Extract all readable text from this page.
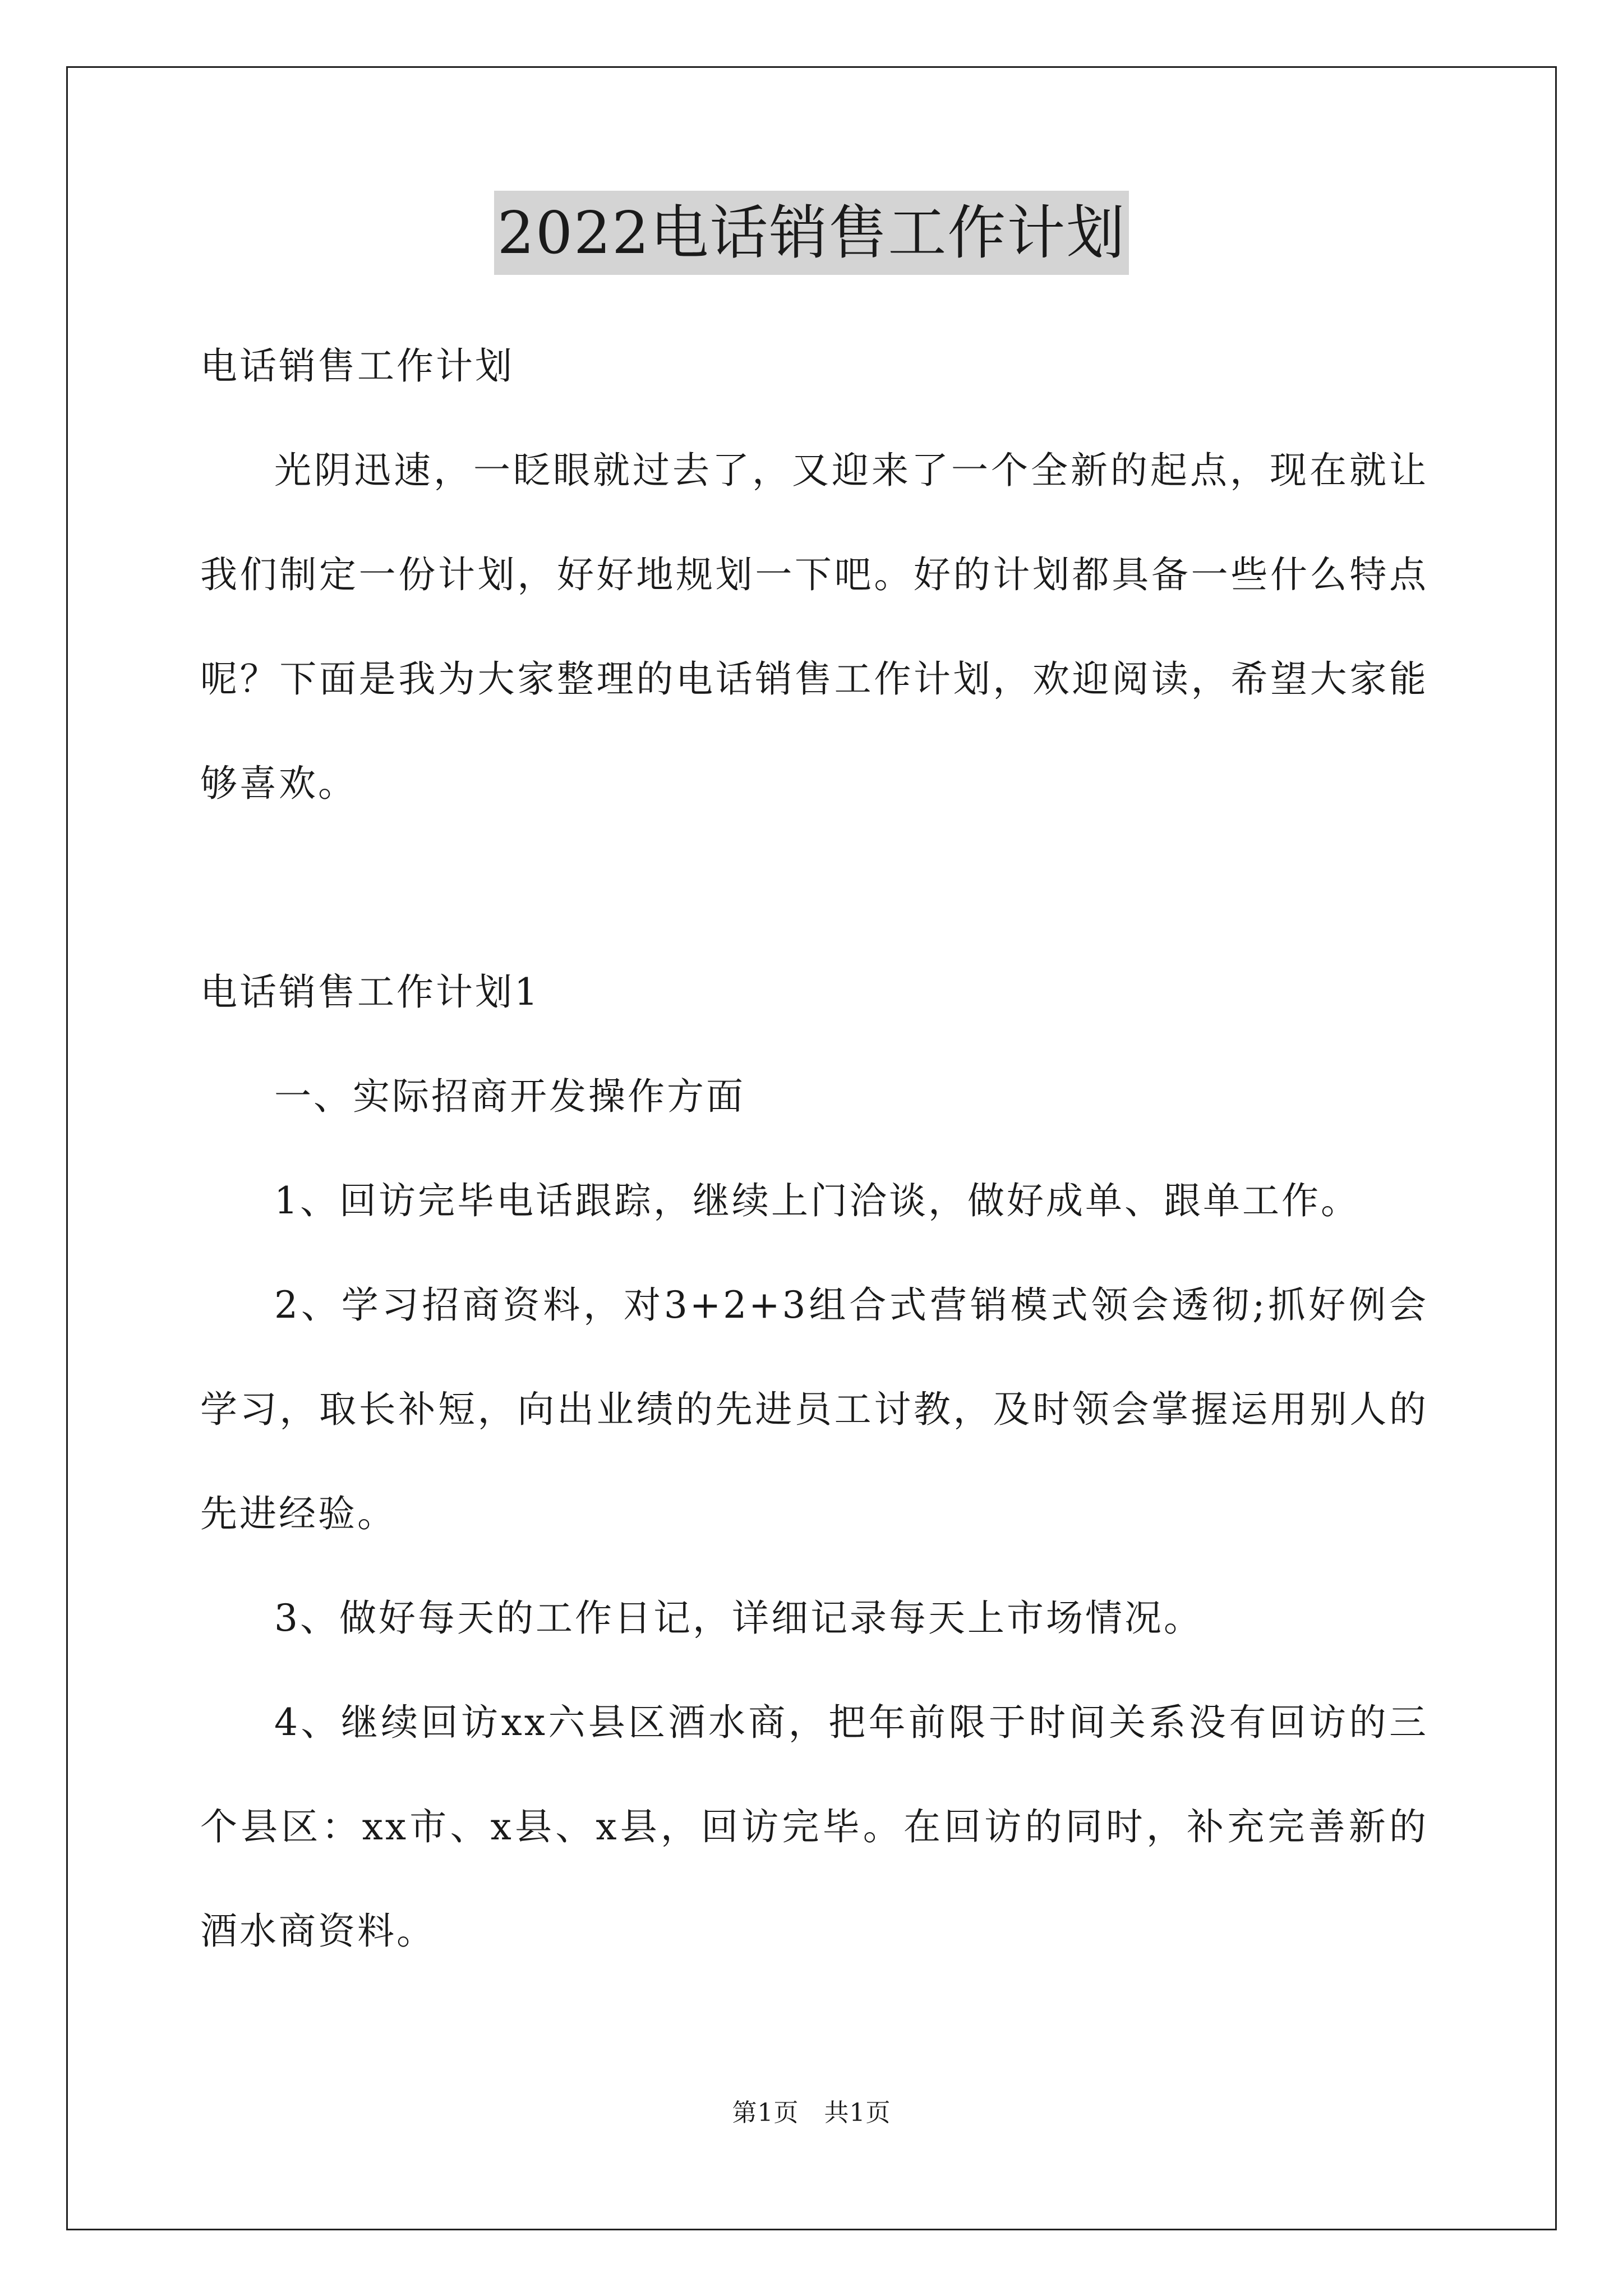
2022电话销售工作计划

电话销售工作计划

光阴迅速，一眨眼就过去了，又迎来了一个全新的起点，现在就让我们制定一份计划，好好地规划一下吧。好的计划都具备一些什么特点呢？下面是我为大家整理的电话销售工作计划，欢迎阅读，希望大家能够喜欢。

电话销售工作计划1

一、实际招商开发操作方面

1、回访完毕电话跟踪，继续上门洽谈，做好成单、跟单工作。

2、学习招商资料，对3+2+3组合式营销模式领会透彻;抓好例会学习，取长补短，向出业绩的先进员工讨教，及时领会掌握运用别人的先进经验。

3、做好每天的工作日记，详细记录每天上市场情况。

4、继续回访xx六县区酒水商，把年前限于时间关系没有回访的三个县区：xx市、x县、x县，回访完毕。在回访的同时，补充完善新的酒水商资料。

第1页　共1页
